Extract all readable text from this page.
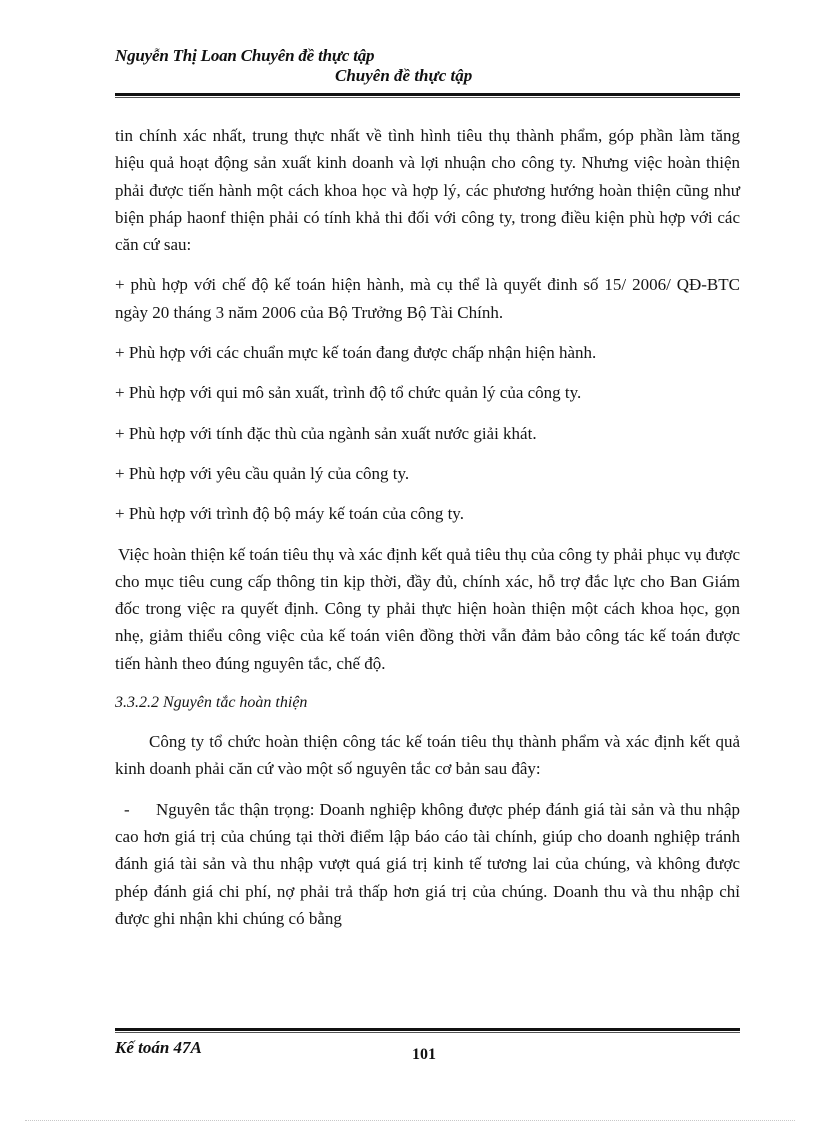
Nguyễn Thị Loan Chuyên đề thực tập
Chuyên đề thực tập

tin chính xác nhất, trung thực nhất về tình hình tiêu thụ thành phẩm, góp phần làm tăng hiệu quả hoạt động sản xuất kinh doanh và lợi nhuận cho công ty. Nhưng việc hoàn thiện phải được tiến hành một cách khoa học và hợp lý, các phương hướng hoàn thiện cũng như biện pháp haonf thiện phải có tính khả thi đối với công ty, trong điều kiện phù hợp với các căn cứ sau:

+ phù hợp với chế độ kế toán hiện hành, mà cụ thể là quyết đinh số 15/ 2006/ QĐ-BTC ngày 20 tháng 3 năm 2006 của Bộ Trưởng Bộ Tài Chính.

+ Phù hợp với các chuẩn mực kế toán đang được chấp nhận hiện hành.

+ Phù hợp với qui mô sản xuất, trình độ tổ chức quản lý của công ty.

+ Phù hợp với tính đặc thù của ngành sản xuất nước giải khát.

+ Phù hợp với yêu cầu quản lý của công ty.

+ Phù hợp với trình độ bộ máy kế toán của công ty.

Việc hoàn thiện kế toán tiêu thụ và xác định kết quả tiêu thụ của công ty phải phục vụ được cho mục tiêu cung cấp thông tin kịp thời, đầy đủ, chính xác, hỗ trợ đắc lực cho Ban Giám đốc trong việc ra quyết định. Công ty phải thực hiện hoàn thiện một cách khoa học, gọn nhẹ, giảm thiểu công việc của kế toán viên đồng thời vẫn đảm bảo công tác kế toán được tiến hành theo đúng nguyên tắc, chế độ.

3.3.2.2 Nguyên tắc hoàn thiện

Công ty tổ chức hoàn thiện công tác kế toán tiêu thụ thành phẩm và xác định kết quả kinh doanh phải căn cứ vào một số nguyên tắc cơ bản sau đây:

- Nguyên tắc thận trọng: Doanh nghiệp không được phép đánh giá tài sản và thu nhập cao hơn giá trị của chúng tại thời điểm lập báo cáo tài chính, giúp cho doanh nghiệp tránh đánh giá tài sản và thu nhập vượt quá giá trị kinh tế tương lai của chúng, và không được phép đánh giá chi phí, nợ phải trả thấp hơn giá trị của chúng. Doanh thu và thu nhập chỉ được ghi nhận khi chúng có bằng

Kế toán 47A	101
